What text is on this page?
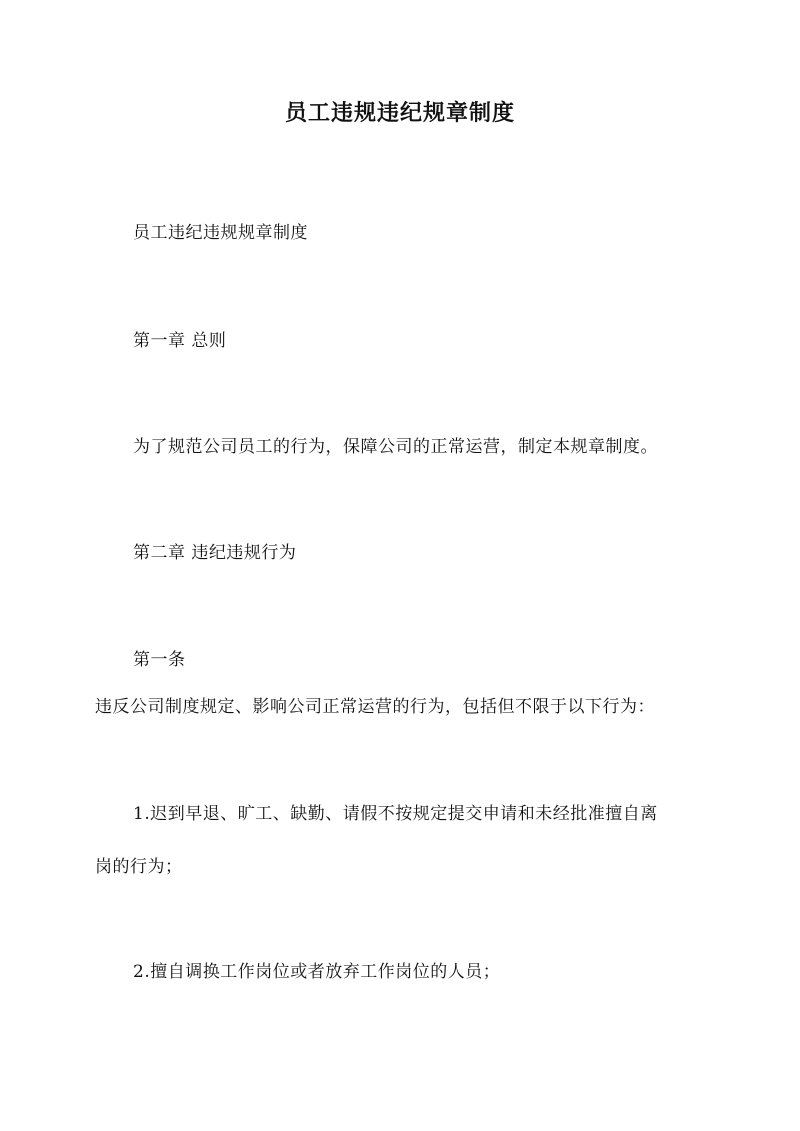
员工违规违纪规章制度
员工违纪违规规章制度
第一章 总则
为了规范公司员工的行为，保障公司的正常运营，制定本规章制度。
第二章 违纪违规行为
第一条
违反公司制度规定、影响公司正常运营的行为，包括但不限于以下行为：
1.迟到早退、旷工、缺勤、请假不按规定提交申请和未经批准擅自离
岗的行为；
2.擅自调换工作岗位或者放弃工作岗位的人员；
